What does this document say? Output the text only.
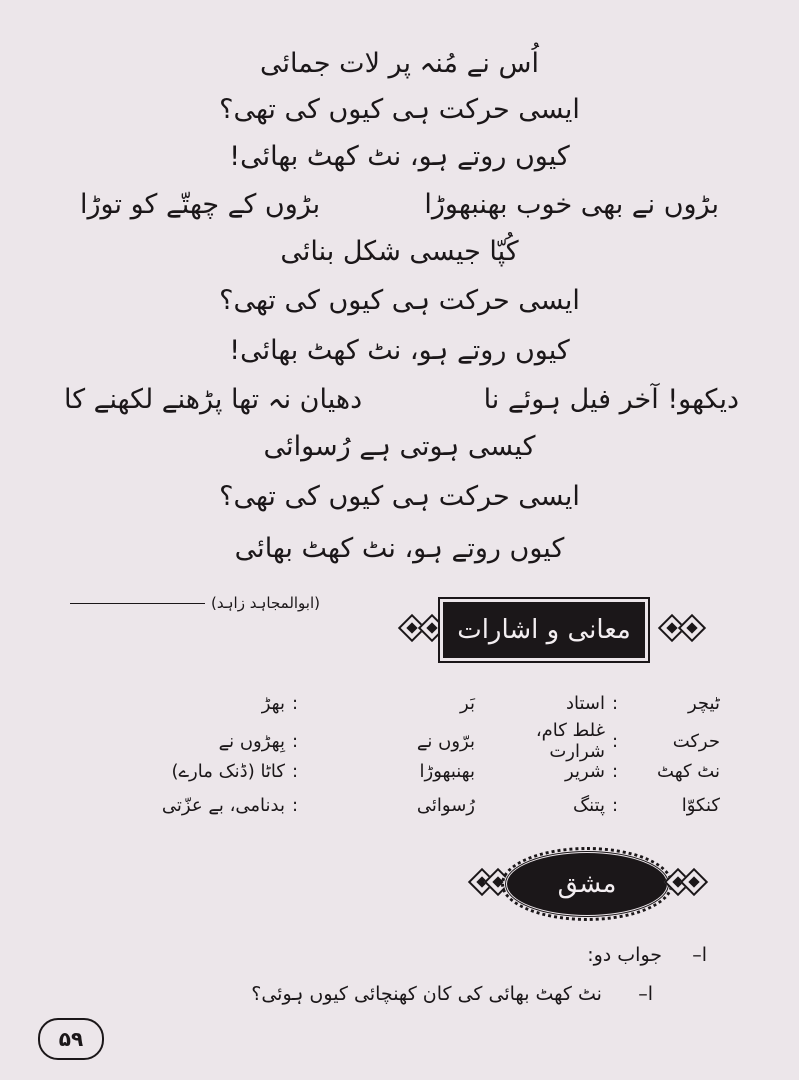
اُس نے مُنہ پر لات جمائی
ایسی حرکت ہی کیوں کی تھی؟
کیوں روتے ہو، نٹ کھٹ بھائی!
بڑوں نے بھی خوب بھنبھوڑا
بڑوں کے چھتّے کو توڑا
کُپّا جیسی شکل بنائی
ایسی حرکت ہی کیوں کی تھی؟
کیوں روتے ہو، نٹ کھٹ بھائی!
دیکھو! آخر فیل ہوئے نا
دھیان نہ تھا پڑھنے لکھنے کا
کیسی ہوتی ہے رُسوائی
ایسی حرکت ہی کیوں کی تھی؟
کیوں روتے ہو، نٹ کھٹ بھائی
(ابوالمجاہد زاہد)
معانی و اشارات
ٹیچر
:
استاد
بَر
:
بھڑ
حرکت
:
غلط کام، شرارت
برّوں نے
:
بِھڑوں نے
نٹ کھٹ
:
شریر
بھنبھوڑا
:
کاٹا (ڈنک مارے)
کنکوّا
:
پتنگ
رُسوائی
:
بدنامی، بے عزّتی
مشق
ا–     جواب دو:
ا–      نٹ کھٹ بھائی کی کان کھنچائی کیوں ہوئی؟
۵۹
